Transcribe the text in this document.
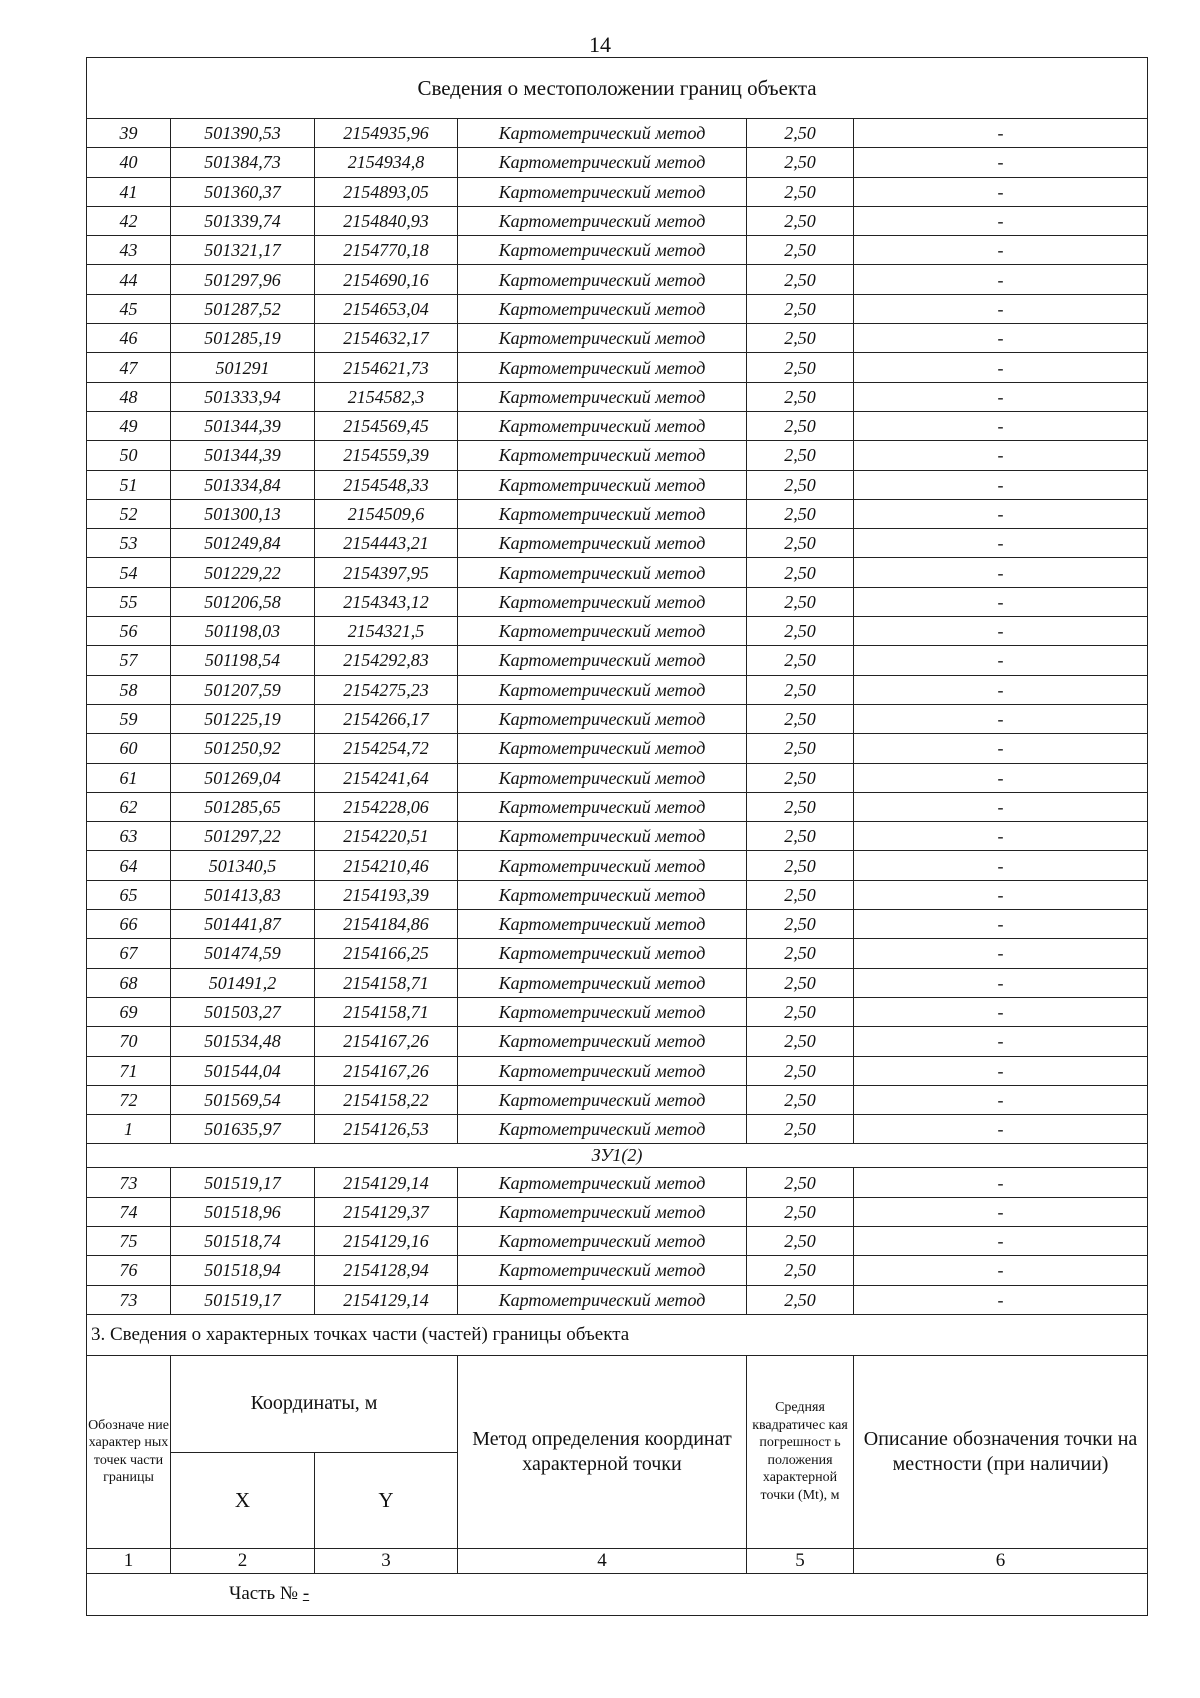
14
Сведения о местоположении границ объекта					
39	501390,53	2154935,96	Картометрический метод	2,50	-
40	501384,73	2154934,8	Картометрический метод	2,50	-
41	501360,37	2154893,05	Картометрический метод	2,50	-
42	501339,74	2154840,93	Картометрический метод	2,50	-
43	501321,17	2154770,18	Картометрический метод	2,50	-
44	501297,96	2154690,16	Картометрический метод	2,50	-
45	501287,52	2154653,04	Картометрический метод	2,50	-
46	501285,19	2154632,17	Картометрический метод	2,50	-
47	501291	2154621,73	Картометрический метод	2,50	-
48	501333,94	2154582,3	Картометрический метод	2,50	-
49	501344,39	2154569,45	Картометрический метод	2,50	-
50	501344,39	2154559,39	Картометрический метод	2,50	-
51	501334,84	2154548,33	Картометрический метод	2,50	-
52	501300,13	2154509,6	Картометрический метод	2,50	-
53	501249,84	2154443,21	Картометрический метод	2,50	-
54	501229,22	2154397,95	Картометрический метод	2,50	-
55	501206,58	2154343,12	Картометрический метод	2,50	-
56	501198,03	2154321,5	Картометрический метод	2,50	-
57	501198,54	2154292,83	Картометрический метод	2,50	-
58	501207,59	2154275,23	Картометрический метод	2,50	-
59	501225,19	2154266,17	Картометрический метод	2,50	-
60	501250,92	2154254,72	Картометрический метод	2,50	-
61	501269,04	2154241,64	Картометрический метод	2,50	-
62	501285,65	2154228,06	Картометрический метод	2,50	-
63	501297,22	2154220,51	Картометрический метод	2,50	-
64	501340,5	2154210,46	Картометрический метод	2,50	-
65	501413,83	2154193,39	Картометрический метод	2,50	-
66	501441,87	2154184,86	Картометрический метод	2,50	-
67	501474,59	2154166,25	Картометрический метод	2,50	-
68	501491,2	2154158,71	Картометрический метод	2,50	-
69	501503,27	2154158,71	Картометрический метод	2,50	-
70	501534,48	2154167,26	Картометрический метод	2,50	-
71	501544,04	2154167,26	Картометрический метод	2,50	-
72	501569,54	2154158,22	Картометрический метод	2,50	-
1	501635,97	2154126,53	Картометрический метод	2,50	-
ЗУ1(2)					
73	501519,17	2154129,14	Картометрический метод	2,50	-
74	501518,96	2154129,37	Картометрический метод	2,50	-
75	501518,74	2154129,16	Картометрический метод	2,50	-
76	501518,94	2154128,94	Картометрический метод	2,50	-
73	501519,17	2154129,14	Картометрический метод	2,50	-
3. Сведения о характерных точках части (частей) границы объекта					
Обозначе ние характер ных точек части границы	Координаты, м		Метод определения координат характерной точки	Средняя квадратичес кая погрешност ь положения характерной точки (Mt), м	Описание обозначения точки на местности (при наличии)
	X	Y			
1	2	3	4	5	6
Часть № -					
